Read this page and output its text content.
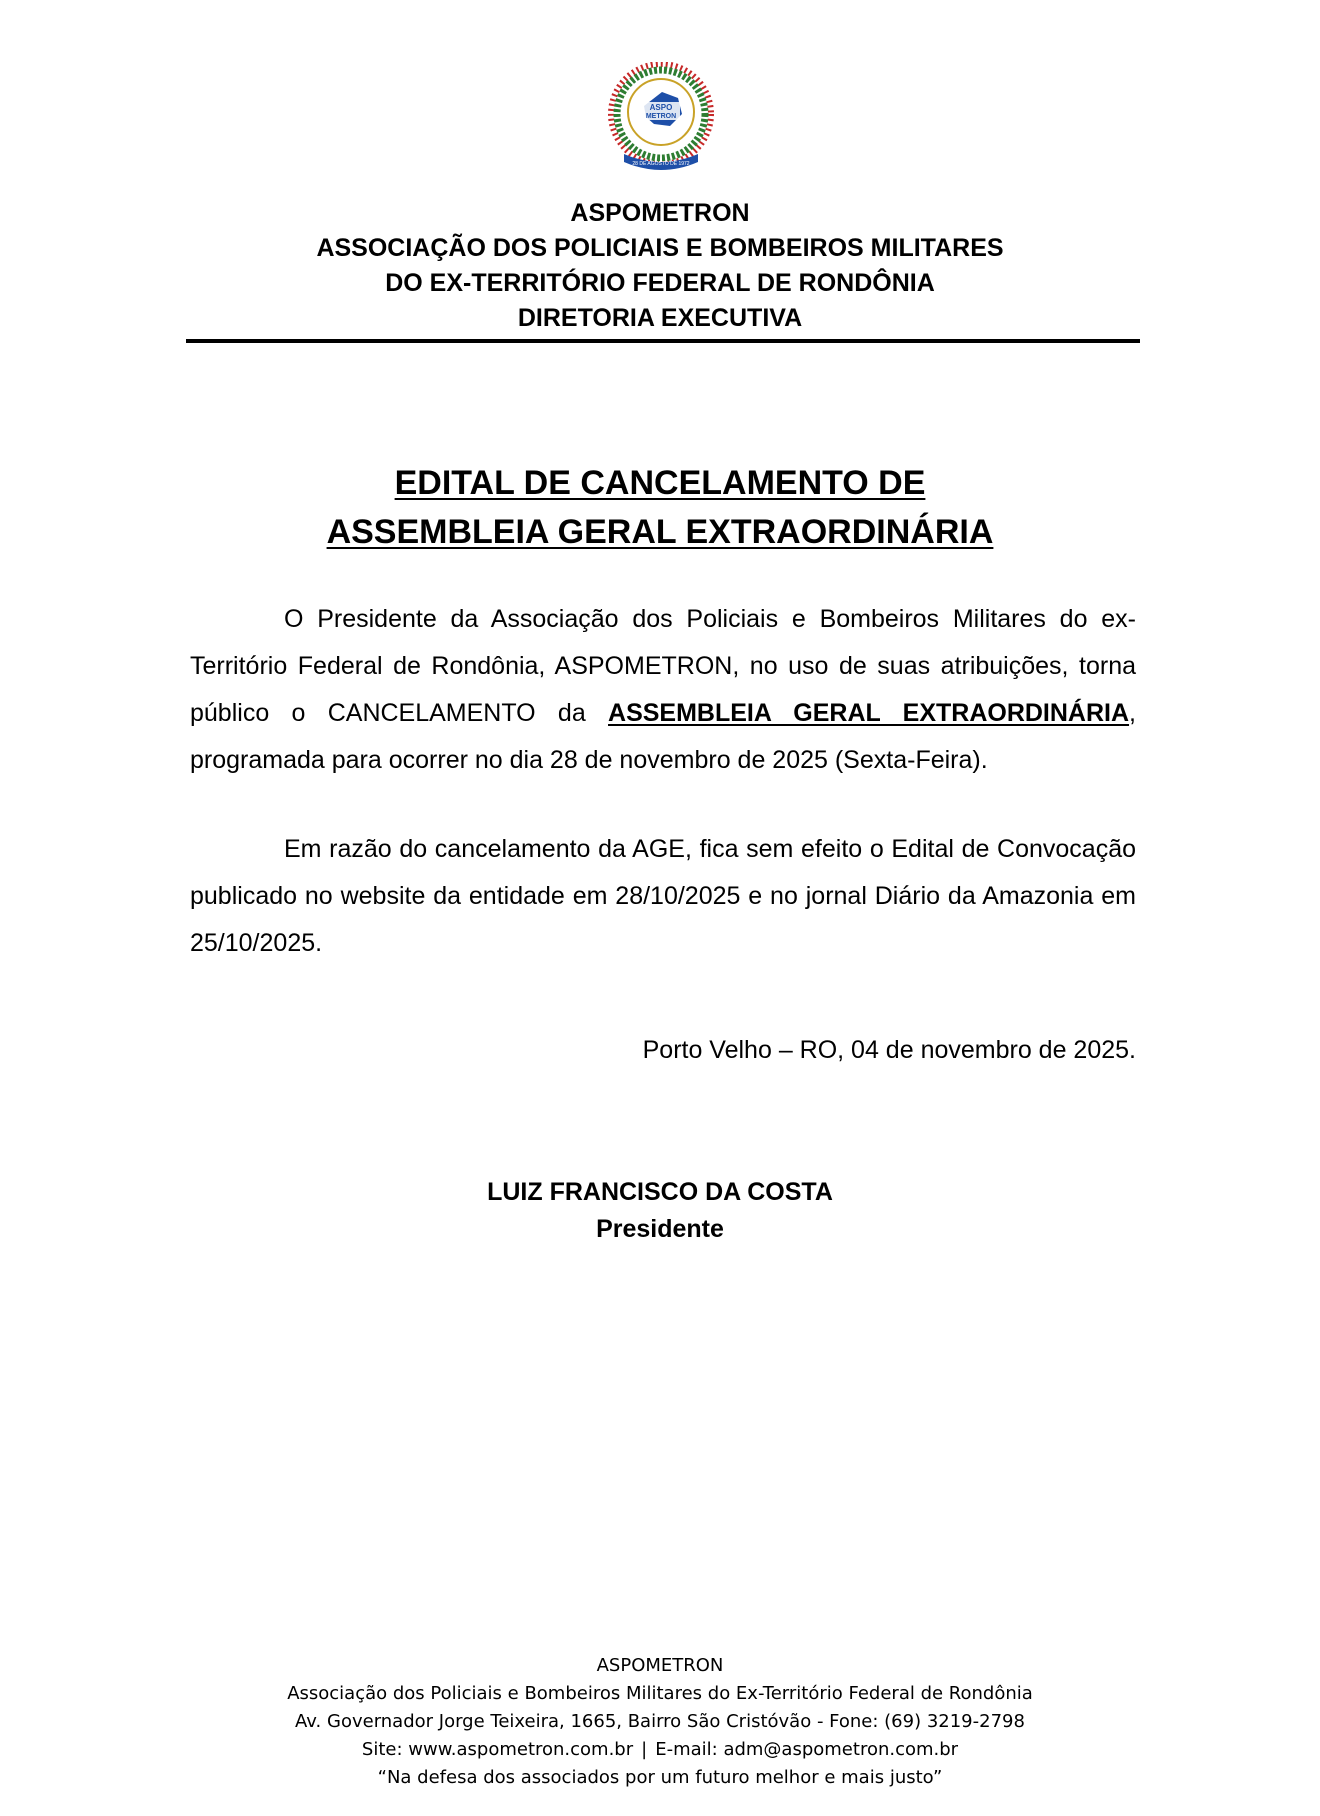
ASPO
METRON
28 DE AGOSTO DE 1972
ASPOMETRON
ASSOCIAÇÃO DOS POLICIAIS E BOMBEIROS MILITARES
DO EX-TERRITÓRIO FEDERAL DE RONDÔNIA
DIRETORIA EXECUTIVA
EDITAL DE CANCELAMENTO DE
ASSEMBLEIA GERAL EXTRAORDINÁRIA
O Presidente da Associação dos Policiais e Bombeiros Militares do ex-Território Federal de Rondônia, ASPOMETRON, no uso de suas atribuições, torna público o CANCELAMENTO da ASSEMBLEIA GERAL EXTRAORDINÁRIA, programada para ocorrer no dia 28 de novembro de 2025 (Sexta-Feira).
Em razão do cancelamento da AGE, fica sem efeito o Edital de Convocação publicado no website da entidade em 28/10/2025 e no jornal Diário da Amazonia em 25/10/2025.
Porto Velho – RO, 04 de novembro de 2025.
LUIZ FRANCISCO DA COSTA
Presidente
ASPOMETRON
Associação dos Policiais e Bombeiros Militares do Ex-Território Federal de Rondônia
Av. Governador Jorge Teixeira, 1665, Bairro São Cristóvão - Fone: (69) 3219-2798
Site: www.aspometron.com.br | E-mail: adm@aspometron.com.br
“Na defesa dos associados por um futuro melhor e mais justo”
